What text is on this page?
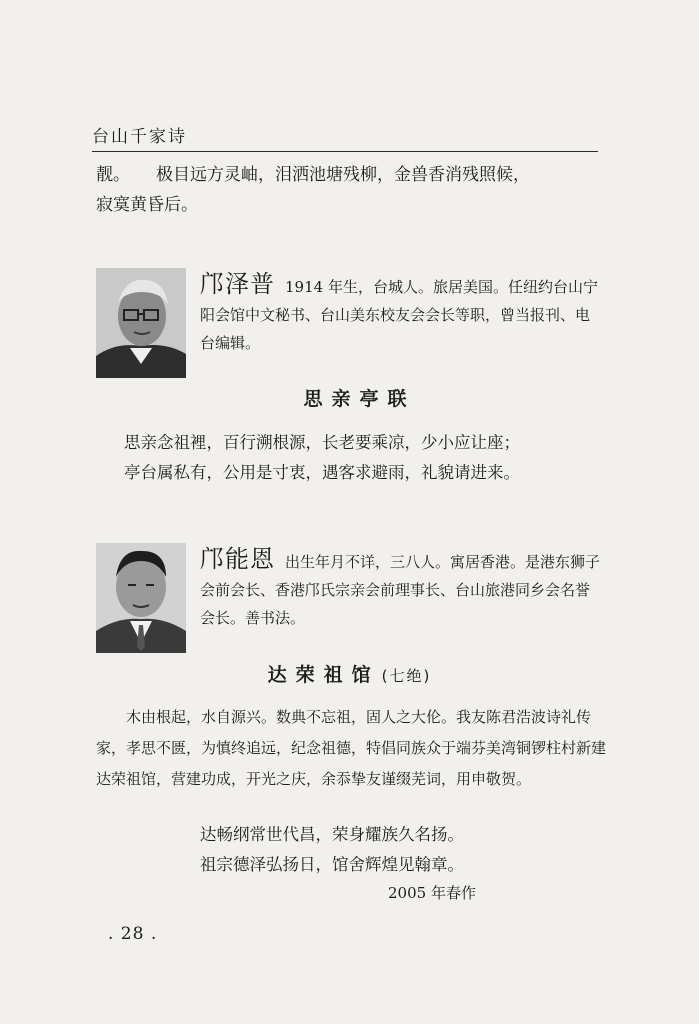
台山千家诗

靓。 极目远方灵岫，泪洒池塘残柳，金兽香消残照候，
寂寞黄昏后。

邝泽普 1914 年生，台城人。旅居美国。任纽约台山宁阳会馆中文秘书、台山美东校友会会长等职，曾当报刊、电台编辑。

思亲亭联

思亲念祖裡，百行溯根源，长老要乘凉，少小应让座；
亭台属私有，公用是寸衷，遇客求避雨，礼貌请进来。

邝能恩 出生年月不详，三八人。寓居香港。是港东狮子会前会长、香港邝氏宗亲会前理事长、台山旅港同乡会名誉会长。善书法。

达荣祖馆 (七绝)

木由根起，水自源兴。数典不忘祖，固人之大伦。我友陈君浩波诗礼传家，孝思不匮，为慎终追远，纪念祖德，特倡同族众于端芬美湾铜锣柱村新建达荣祖馆，营建功成，开光之庆，余忝挚友谨缀芜词，用申敬贺。

达畅纲常世代昌，荣身耀族久名扬。

祖宗德泽弘扬日，馆舍辉煌见翰章。

2005 年春作

. 28 .
